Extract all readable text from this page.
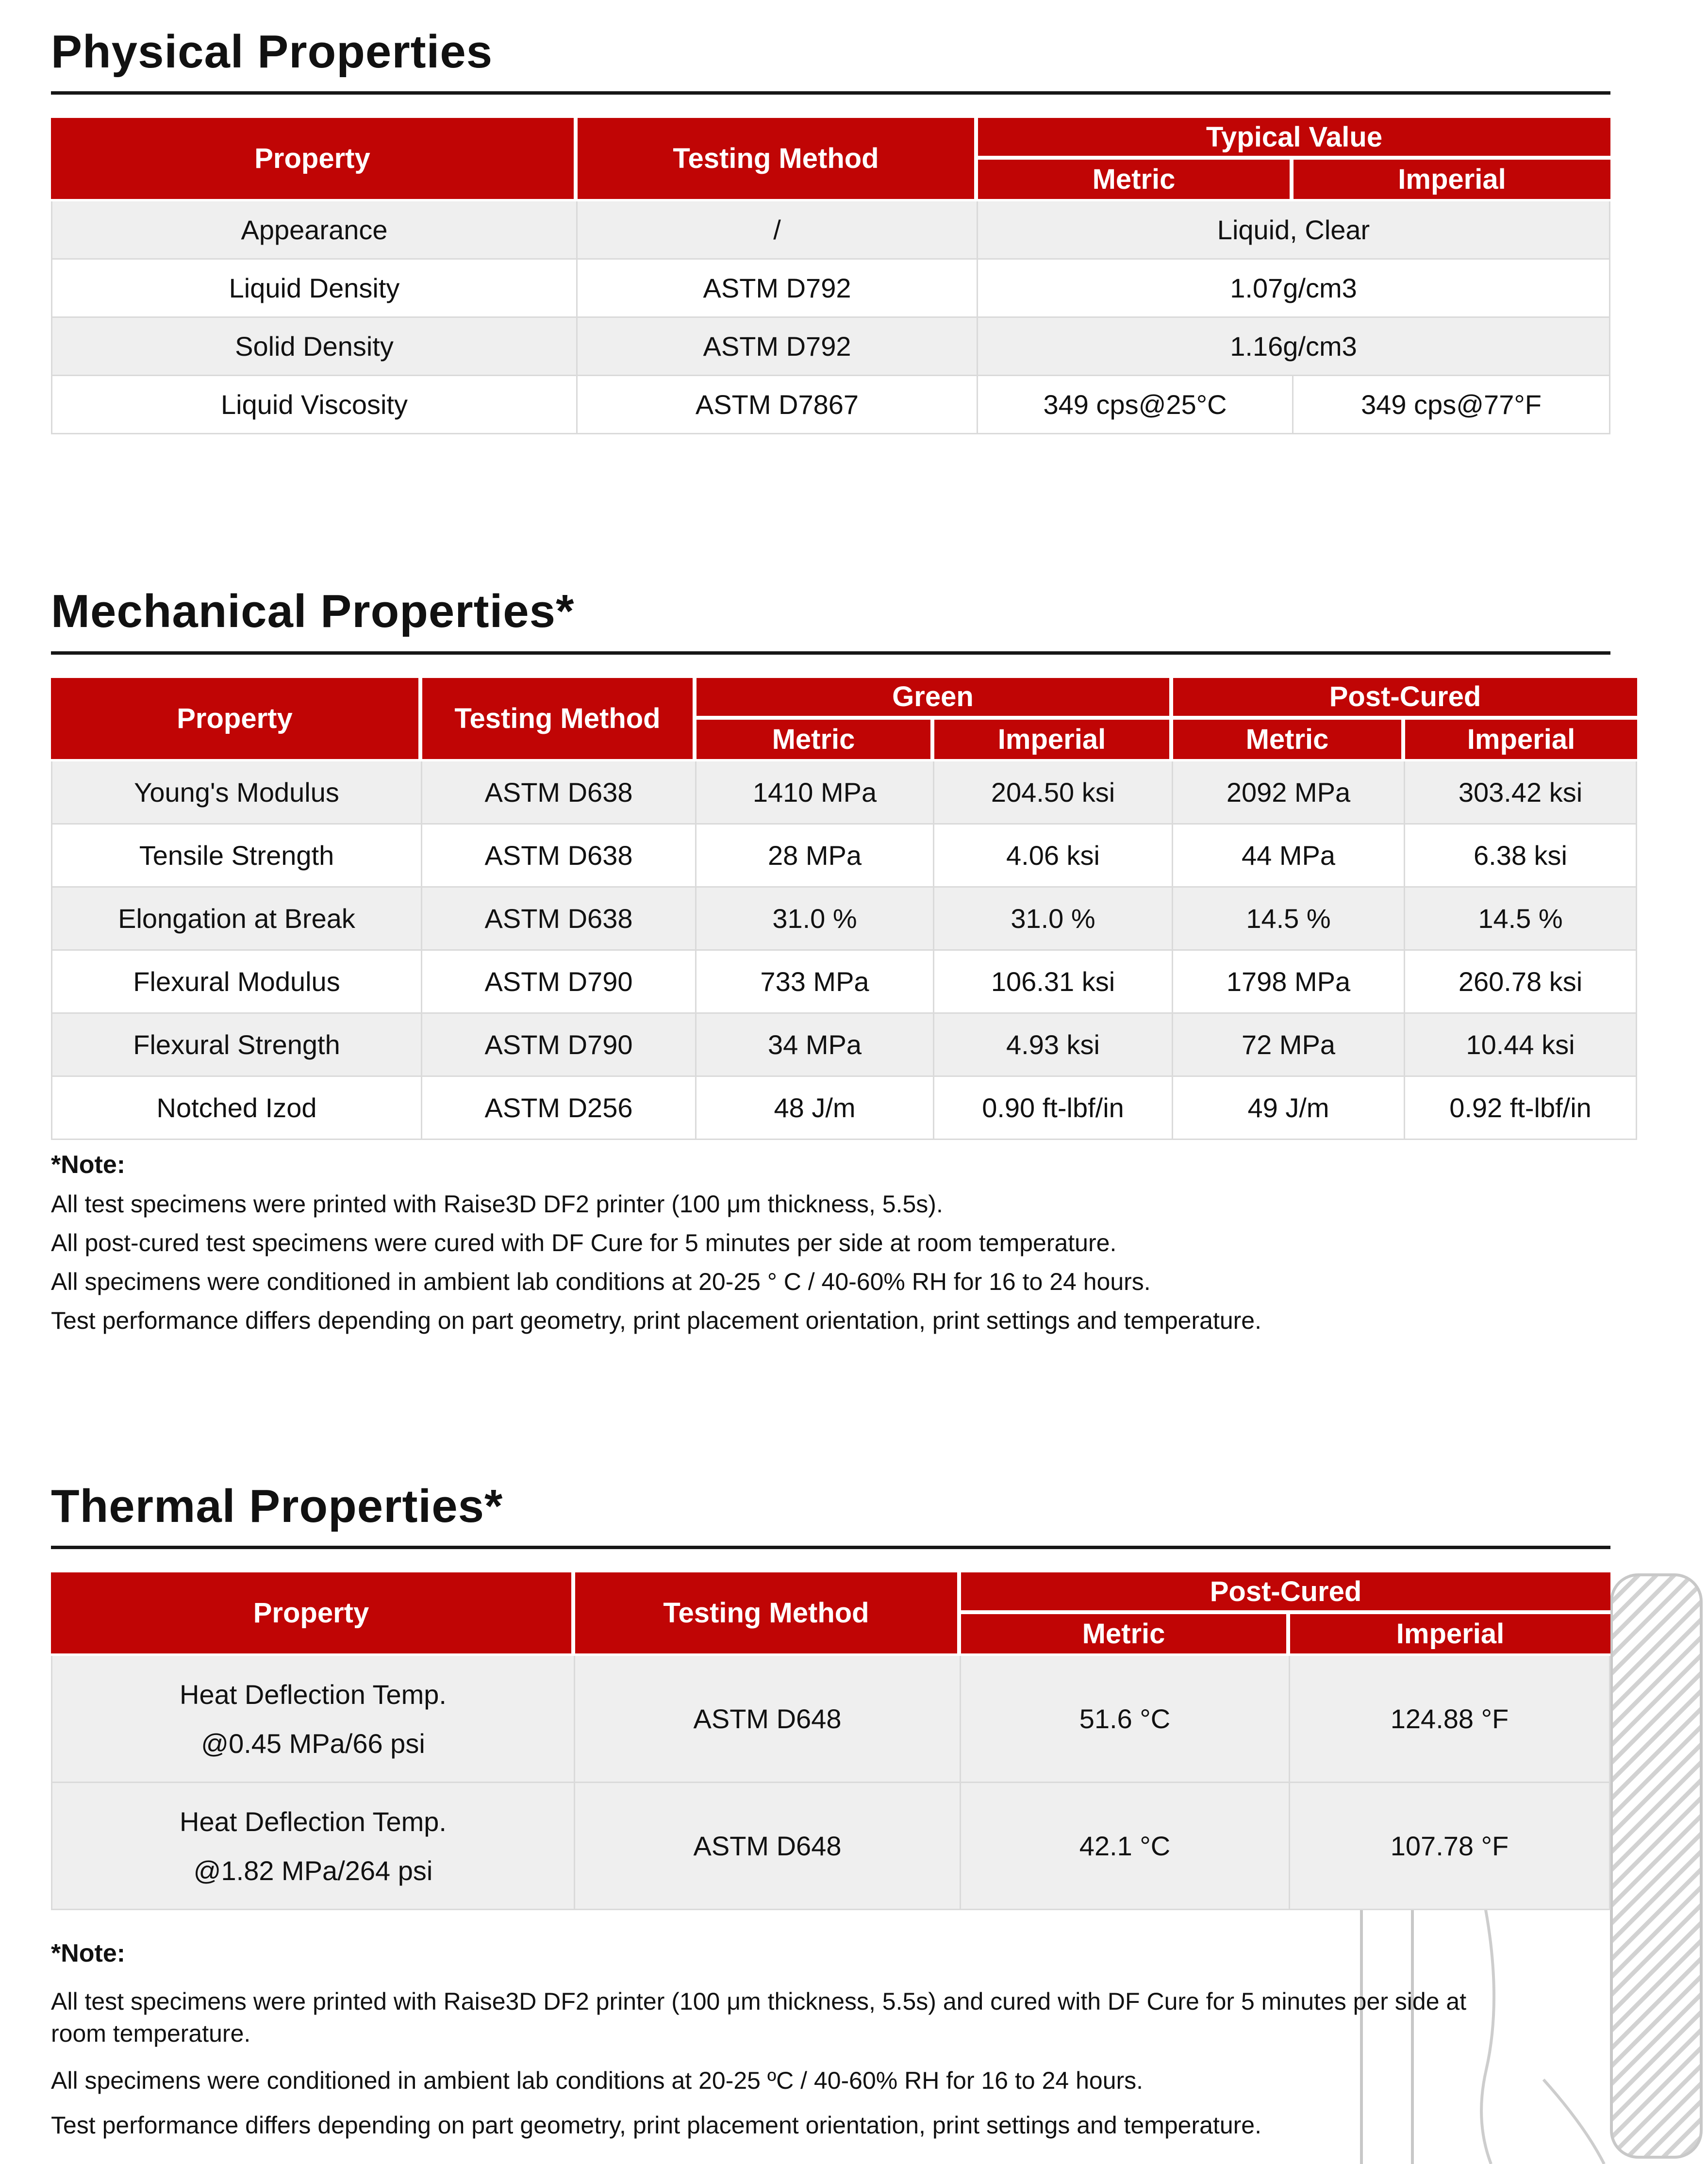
Physical Properties
Property	Testing Method	Typical Value	
		Metric	Imperial
Appearance	/	Liquid, Clear	
Liquid Density	ASTM D792	1.07g/cm3	
Solid Density	ASTM D792	1.16g/cm3	
Liquid Viscosity	ASTM D7867	349 cps@25°C	349 cps@77°F
Mechanical Properties*
Property	Testing Method	Green		Post-Cured	
		Metric	Imperial	Metric	Imperial
Young's Modulus	ASTM D638	1410 MPa	204.50 ksi	2092 MPa	303.42 ksi
Tensile Strength	ASTM D638	28 MPa	4.06 ksi	44 MPa	6.38 ksi
Elongation at Break	ASTM D638	31.0 %	31.0 %	14.5 %	14.5 %
Flexural Modulus	ASTM D790	733 MPa	106.31 ksi	1798 MPa	260.78 ksi
Flexural Strength	ASTM D790	34 MPa	4.93 ksi	72 MPa	10.44 ksi
Notched Izod	ASTM D256	48 J/m	0.90 ft-lbf/in	49 J/m	0.92 ft-lbf/in
*Note:

All test specimens were printed with Raise3D DF2 printer (100 μm thickness, 5.5s).

All post-cured test specimens were cured with DF Cure for 5 minutes per side at room temperature.

All specimens were conditioned in ambient lab conditions at 20-25 ° C / 40-60% RH for 16 to 24 hours.

Test performance differs depending on part geometry, print placement orientation, print settings and temperature.

Thermal Properties*
Property	Testing Method	Post-Cured	
		Metric	Imperial

Heat Deflection Temp.
@0.45 MPa/66 psi	ASTM D648	51.6 °C	124.88 °F

Heat Deflection Temp.
@1.82 MPa/264 psi	ASTM D648	42.1 °C	107.78 °F
*Note:

All test specimens were printed with Raise3D DF2 printer (100 μm thickness, 5.5s) and cured with DF Cure for 5 minutes per side at room temperature.

All specimens were conditioned in ambient lab conditions at 20-25 ºC / 40-60% RH for 16 to 24 hours.

Test performance differs depending on part geometry, print placement orientation, print settings and temperature.
